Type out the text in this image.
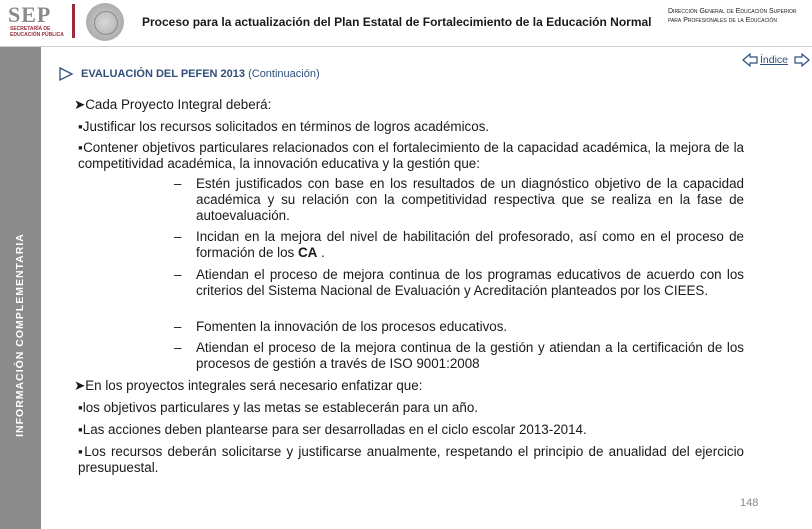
SEP
SECRETARÍA DE EDUCACIÓN PÚBLICA
Proceso para la actualización del Plan Estatal de Fortalecimiento de la Educación Normal
Dirección General de Educación Superior para Profesionales de la Educación
INFORMACIÓN COMPLEMENTARIA
EVALUACIÓN DEL PEFEN 2013 (Continuación)
Índice
➤Cada Proyecto Integral deberá:
▪Justificar los recursos solicitados en términos de logros académicos.
▪Contener objetivos particulares relacionados con el fortalecimiento de la capacidad académica, la mejora de la competitividad académica, la innovación educativa y la gestión que:
– Estén justificados con base en los resultados de un diagnóstico objetivo de la capacidad académica y su relación con la competitividad respectiva que se realiza en la fase de autoevaluación.
– Incidan en la mejora del nivel de habilitación del profesorado, así como en el proceso de formación de los CA .
– Atiendan el proceso de mejora continua de los programas educativos de acuerdo con los criterios del Sistema Nacional de Evaluación y Acreditación planteados por los CIEES.
– Fomenten la innovación de los procesos educativos.
– Atiendan el proceso de la mejora continua de la gestión y atiendan a la certificación de los procesos de gestión a través de ISO 9001:2008
➤En los proyectos integrales será necesario enfatizar que:
▪los objetivos particulares y las metas se establecerán para un año.
▪Las acciones deben plantearse para ser desarrolladas en el ciclo escolar 2013-2014.
▪Los recursos deberán solicitarse y justificarse anualmente, respetando el principio de anualidad del ejercicio presupuestal.
148
